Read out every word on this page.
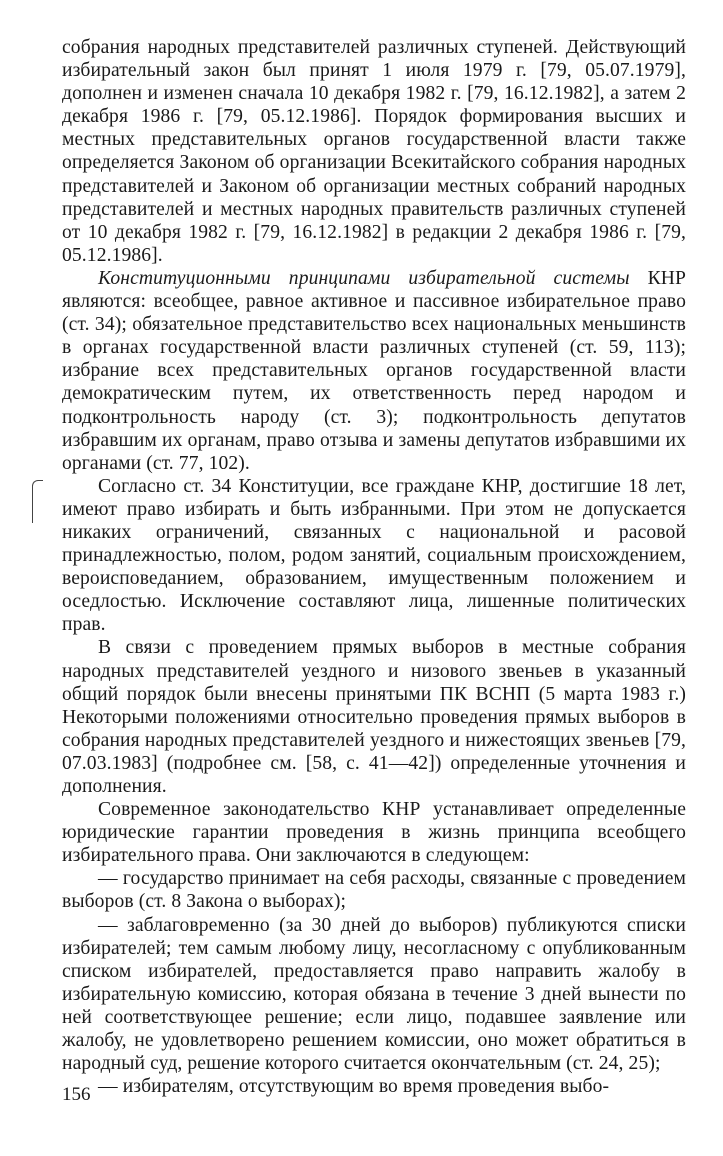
собрания народных представителей различных ступеней. Действующий избирательный закон был принят 1 июля 1979 г. [79, 05.07.1979], дополнен и изменен сначала 10 декабря 1982 г. [79, 16.12.1982], а затем 2 декабря 1986 г. [79, 05.12.1986]. Порядок формирования высших и местных представительных органов государственной власти также определяется Законом об организации Всекитайского собрания народных представителей и Законом об организации местных собраний народных представителей и местных народных правительств различных ступеней от 10 декабря 1982 г. [79, 16.12.1982] в редакции 2 декабря 1986 г. [79, 05.12.1986].

Конституционными принципами избирательной системы КНР являются: всеобщее, равное активное и пассивное избирательное право (ст. 34); обязательное представительство всех национальных меньшинств в органах государственной власти различных ступеней (ст. 59, 113); избрание всех представительных органов государственной власти демократическим путем, их ответственность перед народом и подконтрольность народу (ст. 3); подконтрольность депутатов избравшим их органам, право отзыва и замены депутатов избравшими их органами (ст. 77, 102).

Согласно ст. 34 Конституции, все граждане КНР, достигшие 18 лет, имеют право избирать и быть избранными. При этом не допускается никаких ограничений, связанных с национальной и расовой принадлежностью, полом, родом занятий, социальным происхождением, вероисповеданием, образованием, имущественным положением и оседлостью. Исключение составляют лица, лишенные политических прав.

В связи с проведением прямых выборов в местные собрания народных представителей уездного и низового звеньев в указанный общий порядок были внесены принятыми ПК ВСНП (5 марта 1983 г.) Некоторыми положениями относительно проведения прямых выборов в собрания народных представителей уездного и нижестоящих звеньев [79, 07.03.1983] (подробнее см. [58, с. 41—42]) определенные уточнения и дополнения.

Современное законодательство КНР устанавливает определенные юридические гарантии проведения в жизнь принципа всеобщего избирательного права. Они заключаются в следующем:

— государство принимает на себя расходы, связанные с проведением выборов (ст. 8 Закона о выборах);

— заблаговременно (за 30 дней до выборов) публикуются списки избирателей; тем самым любому лицу, несогласному с опубликованным списком избирателей, предоставляется право направить жалобу в избирательную комиссию, которая обязана в течение 3 дней вынести по ней соответствующее решение; если лицо, подавшее заявление или жалобу, не удовлетворено решением комиссии, оно может обратиться в народный суд, решение которого считается окончательным (ст. 24, 25);

— избирателям, отсутствующим во время проведения выбо-

156
